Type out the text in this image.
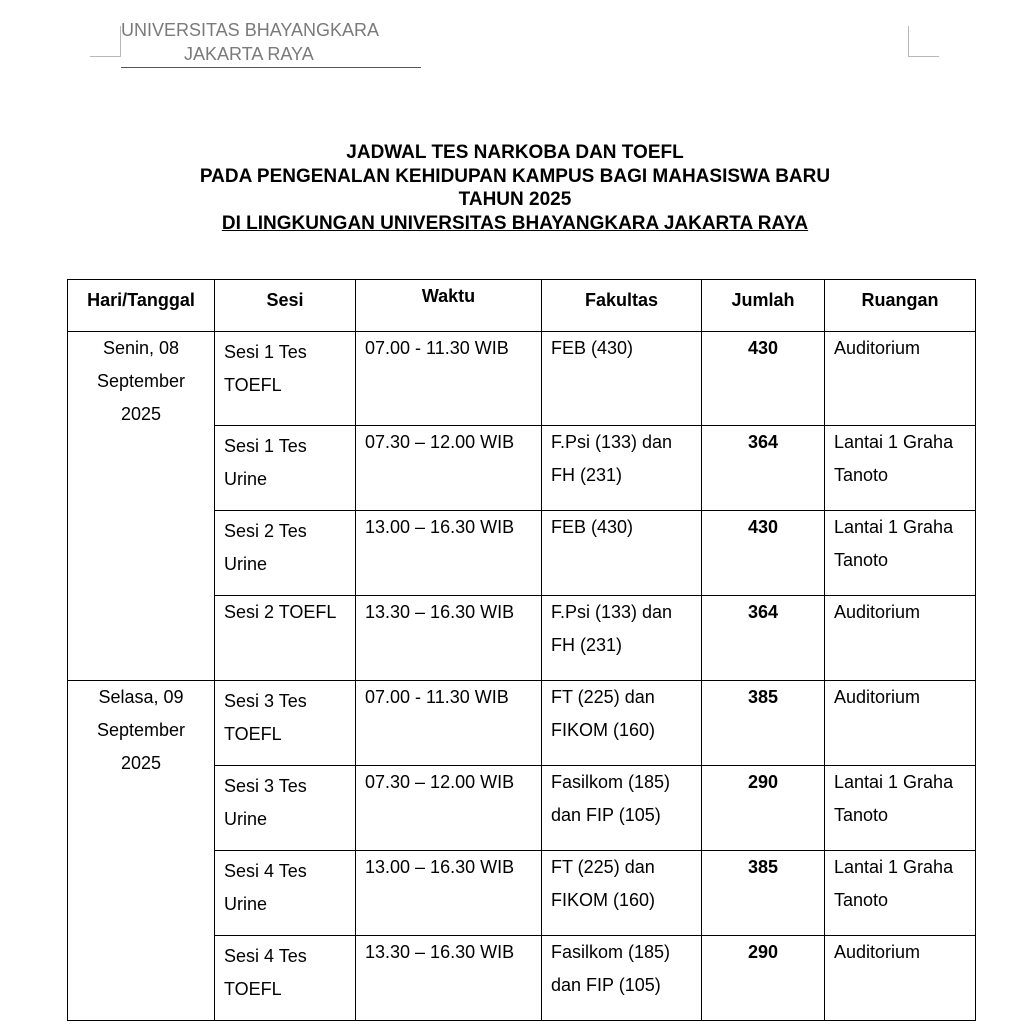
UNIVERSITAS BHAYANGKARA
JAKARTA RAYA
JADWAL TES NARKOBA DAN TOEFL
PADA PENGENALAN KEHIDUPAN KAMPUS BAGI MAHASISWA BARU
TAHUN 2025
DI LINGKUNGAN UNIVERSITAS BHAYANGKARA JAKARTA RAYA
Hari/Tanggal	Sesi	Waktu	Fakultas	Jumlah	Ruangan

Senin, 08
September
2025	Sesi 1 Tes
TOEFL	07.00 - 11.30 WIB	FEB (430)	430	Auditorium

	Sesi 1 Tes
Urine	07.30 – 12.00 WIB	F.Psi (133) dan
FH (231)	364	Lantai 1 Graha
Tanoto

	Sesi 2 Tes
Urine	13.00 – 16.30 WIB	FEB (430)	430	Lantai 1 Graha
Tanoto

	Sesi 2 TOEFL	13.30 – 16.30 WIB	F.Psi (133) dan
FH (231)	364	Auditorium

Selasa, 09
September
2025	Sesi 3 Tes
TOEFL	07.00 - 11.30 WIB	FT (225) dan
FIKOM (160)	385	Auditorium

	Sesi 3 Tes
Urine	07.30 – 12.00 WIB	Fasilkom (185)
dan FIP (105)	290	Lantai 1 Graha
Tanoto

	Sesi 4 Tes
Urine	13.00 – 16.30 WIB	FT (225) dan
FIKOM (160)	385	Lantai 1 Graha
Tanoto

	Sesi 4 Tes
TOEFL	13.30 – 16.30 WIB	Fasilkom (185)
dan FIP (105)	290	Auditorium
